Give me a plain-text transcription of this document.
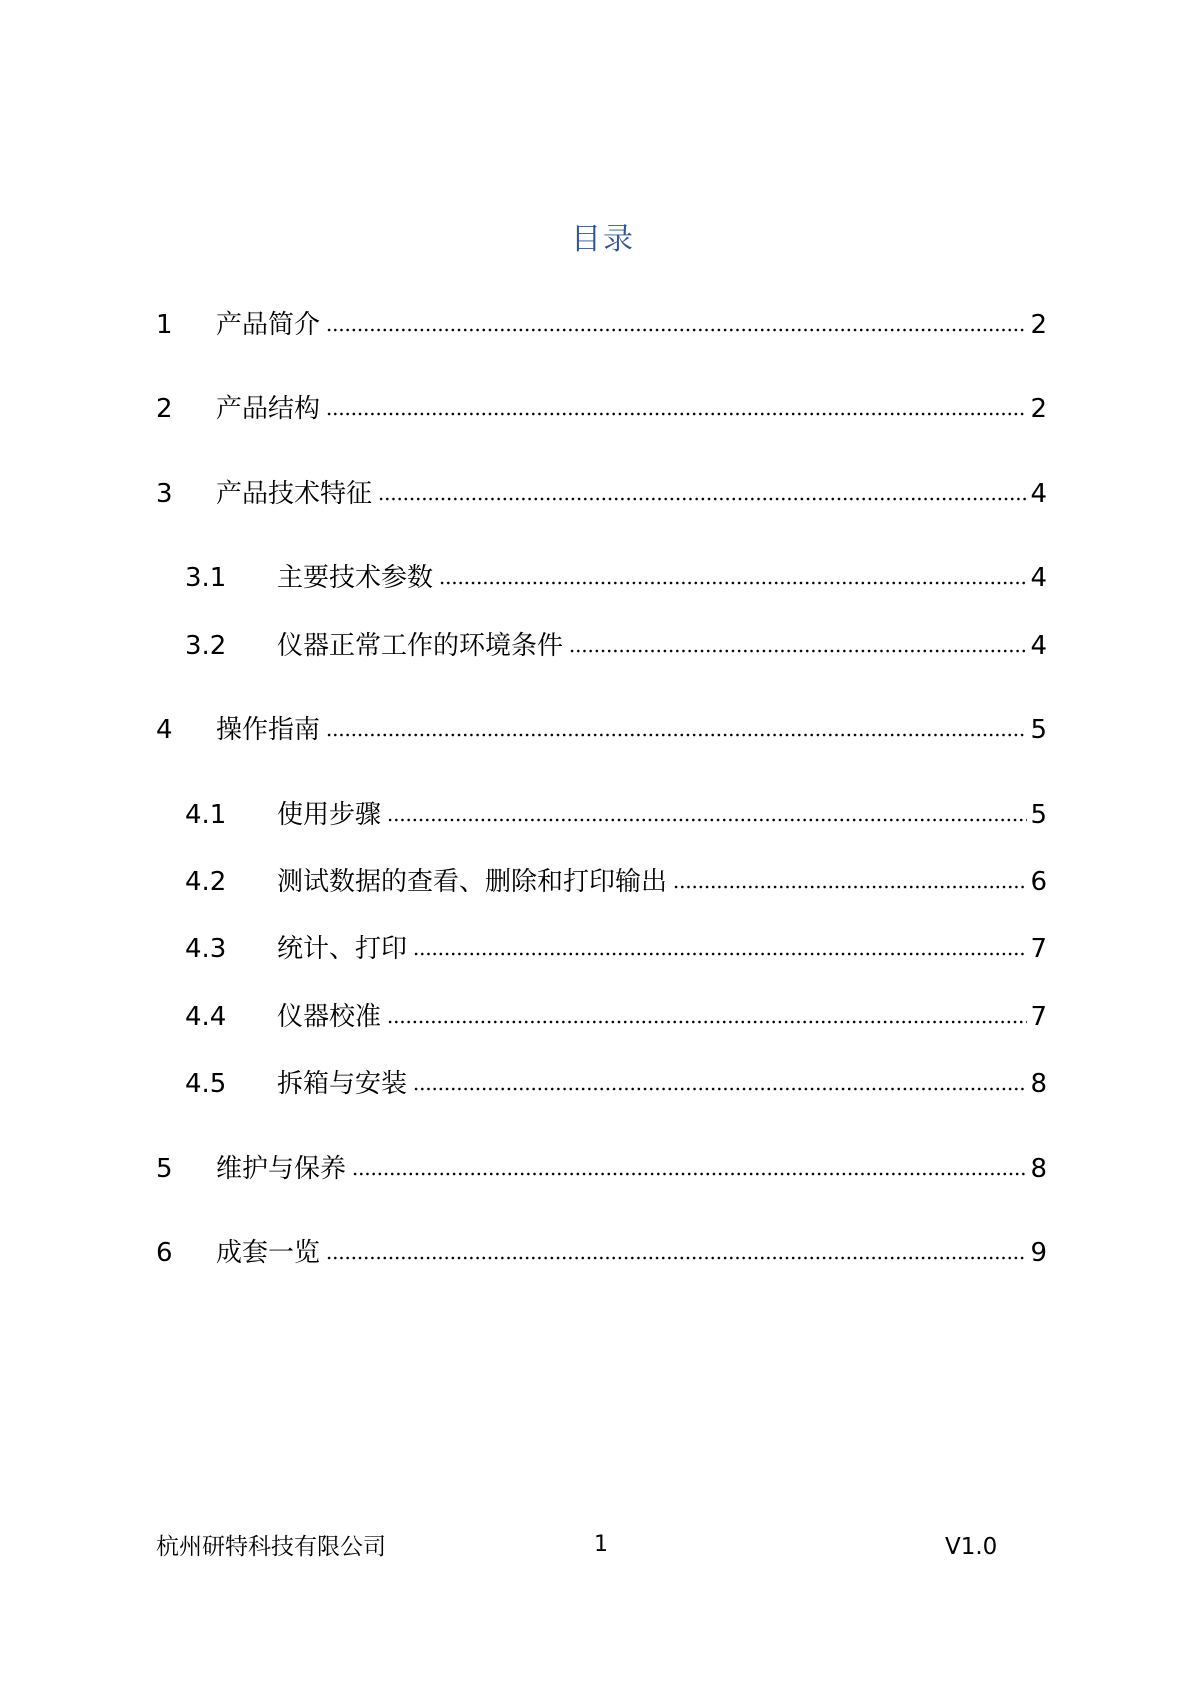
目录
1	产品简介	2
2	产品结构	2
3	产品技术特征	4
3.1	主要技术参数	4
3.2	仪器正常工作的环境条件	4
4	操作指南	5
4.1	使用步骤	5
4.2	测试数据的查看、删除和打印输出	6
4.3	统计、打印	7
4.4	仪器校准	7
4.5	拆箱与安装	8
5	维护与保养	8
6	成套一览	9
杭州研特科技有限公司	1	V1.0
